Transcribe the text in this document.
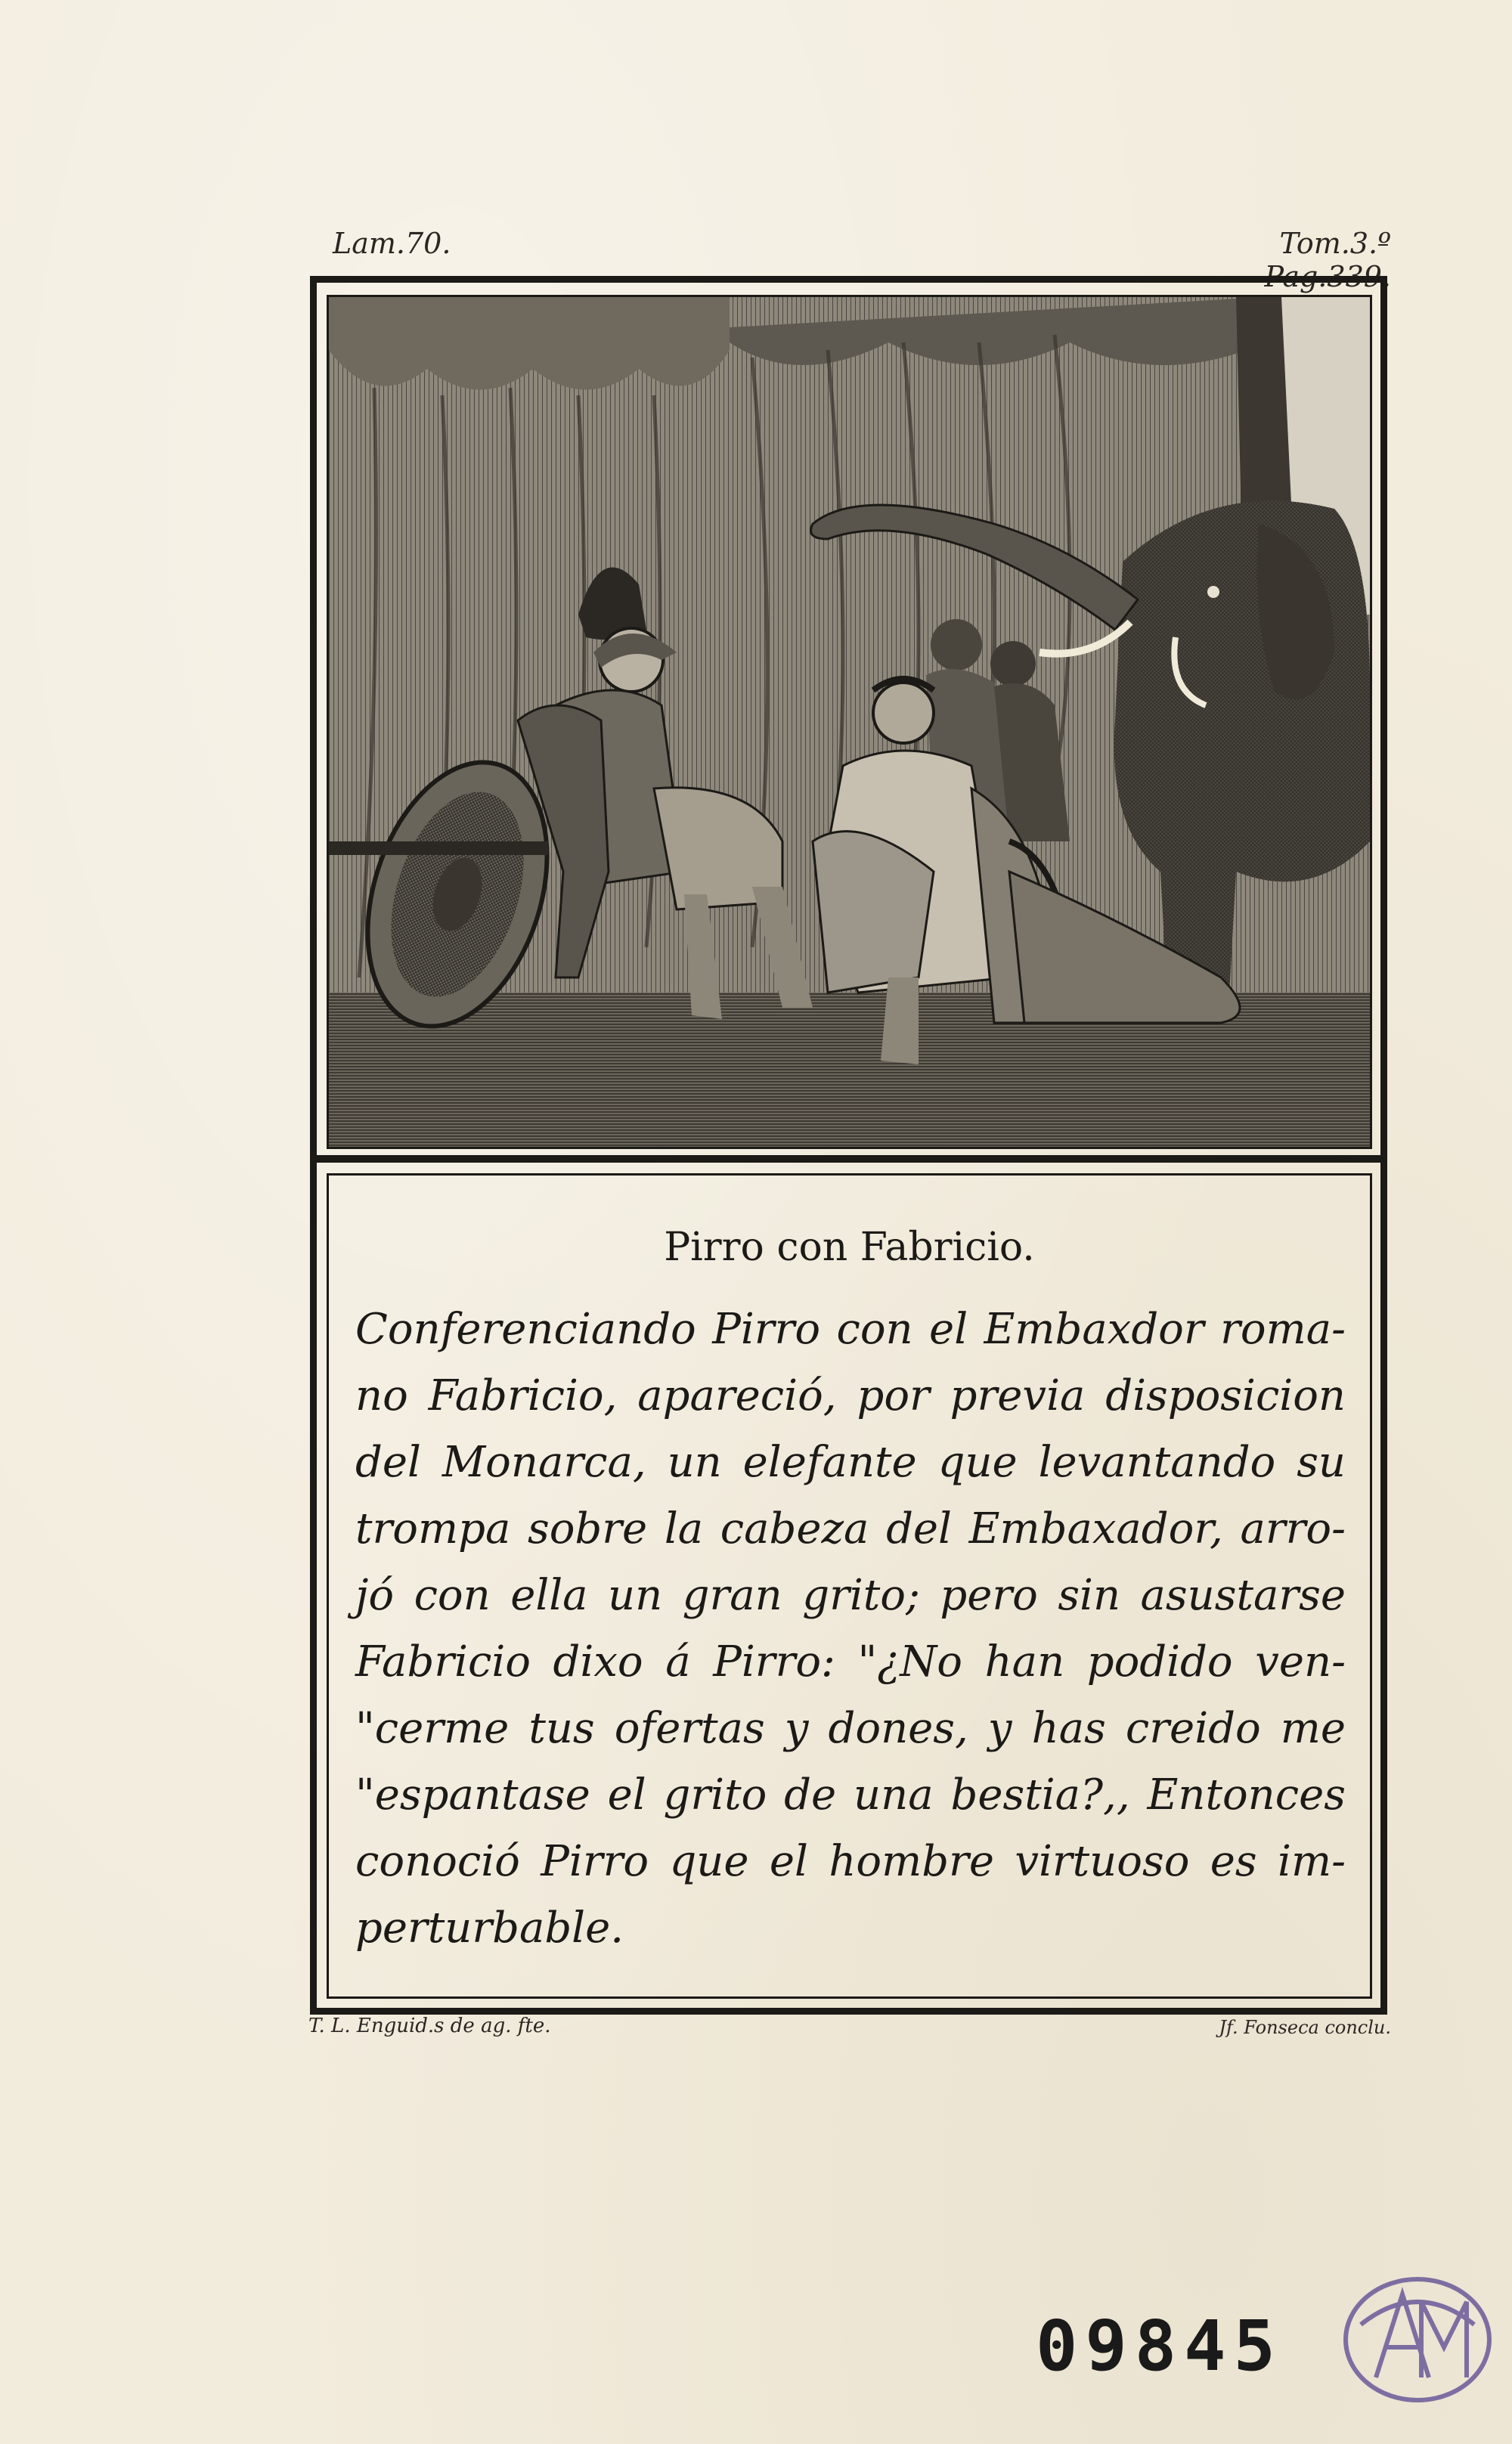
Lam.70.	Tom.3.º Pag.339.
Pirro con Fabricio.
Conferenciando Pirro con el Embaxdor roma-
no Fabricio, apareció, por previa disposicion
del Monarca, un elefante que levantando su
trompa sobre la cabeza del Embaxador, arro-
jó con ella un gran grito; pero sin asustarse
Fabricio dixo á Pirro: "¿No han podido ven-
"cerme tus ofertas y dones, y has creido me
"espantase el grito de una bestia?,, Entonces
conoció Pirro que el hombre virtuoso es im-
perturbable.
T. L. Enguid.s de ag. fte.	Jf. Fonseca conclu.
09845
